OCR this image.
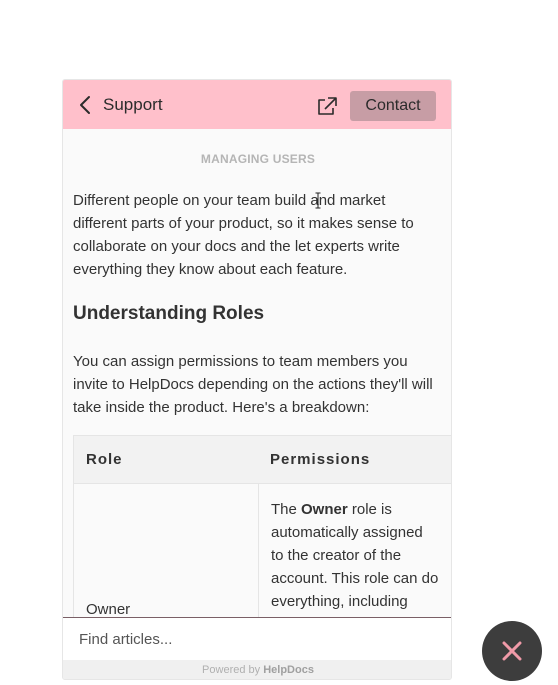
Support	Contact
MANAGING USERS

Different people on your team build and market different parts of your product, so it makes sense to collaborate on your docs and the let experts write everything they know about each feature.

Understanding Roles

You can assign permissions to team members you invite to HelpDocs depending on the actions they'll will take inside the product. Here's a breakdown:

Role	Permissions
Owner
The Owner role is automatically assigned to the creator of the account. This role can do everything, including
Find articles...
Powered by HelpDocs
